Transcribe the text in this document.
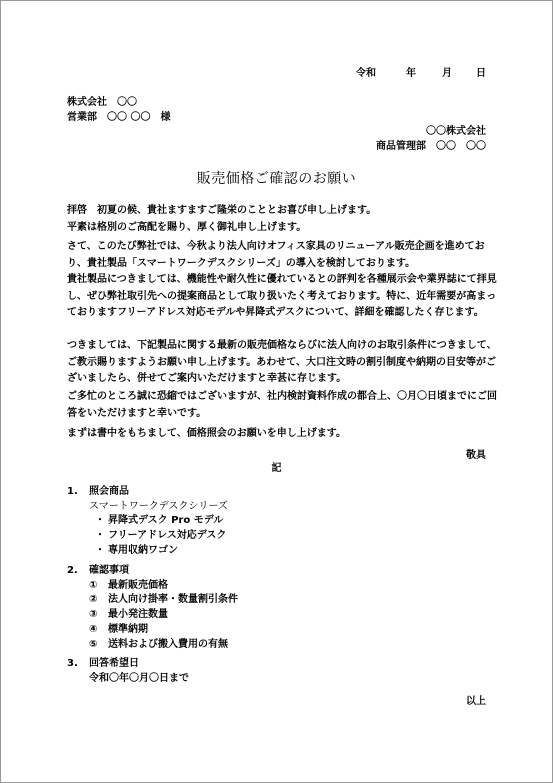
令和	年	月 日
株式会社　〇〇
営業部　〇〇 〇〇　様
〇〇株式会社
商品管理部　〇〇　〇〇
販売価格ご確認のお願い
拝啓　初夏の候、貴社ますますご隆栄のこととお喜び申し上げます。
平素は格別のご高配を賜り、厚く御礼申し上げます。
さて、このたび弊社では、今秋より法人向けオフィス家具のリニューアル販売企画を進めており、貴社製品「スマートワークデスクシリーズ」の導入を検討しております。
貴社製品につきましては、機能性や耐久性に優れているとの評判を各種展示会や業界誌にて拝見し、ぜひ弊社取引先への提案商品として取り扱いたく考えております。特に、近年需要が高まっておりますフリーアドレス対応モデルや昇降式デスクについて、詳細を確認したく存じます。
つきましては、下記製品に関する最新の販売価格ならびに法人向けのお取引条件につきまして、ご教示賜りますようお願い申し上げます。あわせて、大口注文時の割引制度や納期の目安等がございましたら、併せてご案内いただけますと幸甚に存じます。
ご多忙のところ誠に恐縮ではございますが、社内検討資料作成の都合上、〇月〇日頃までにご回答をいただけますと幸いです。
まずは書中をもちまして、価格照会のお願いを申し上げます。
敬具
記
1. 照会商品
スマートワークデスクシリーズ
・ 昇降式デスク Pro モデル
・ フリーアドレス対応デスク
・ 専用収納ワゴン
2. 確認事項
① 最新販売価格
② 法人向け掛率・数量割引条件
③ 最小発注数量
④ 標準納期
⑤ 送料および搬入費用の有無
3. 回答希望日
令和〇年〇月〇日まで
以上
